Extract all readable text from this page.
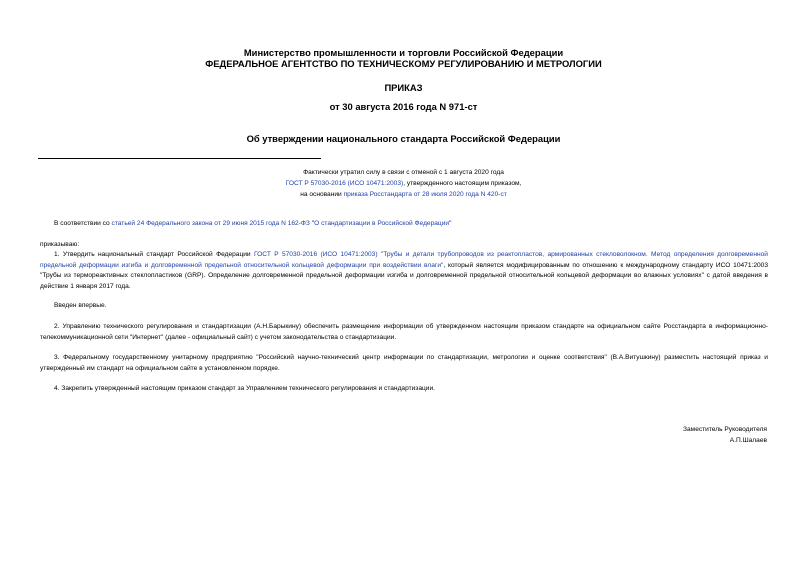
Министерство промышленности и торговли Российской Федерации
ФЕДЕРАЛЬНОЕ АГЕНТСТВО ПО ТЕХНИЧЕСКОМУ РЕГУЛИРОВАНИЮ И МЕТРОЛОГИИ
ПРИКАЗ
от 30 августа 2016 года N 971-ст
Об утверждении национального стандарта Российской Федерации
Фактически утратил силу в связи с отменой с 1 августа 2020 года
ГОСТ Р 57030-2016 (ИСО 10471:2003), утвержденного настоящим приказом,
на основании приказа Росстандарта от 28 июля 2020 года N 420-ст
В соответствии со статьей 24 Федерального закона от 29 июня 2015 года N 162-ФЗ "О стандартизации в Российской Федерации"
приказываю:
1. Утвердить национальный стандарт Российской Федерации ГОСТ Р 57030-2016 (ИСО 10471:2003) "Трубы и детали трубопроводов из реактопластов, армированных стекловолокном. Метод определения долговременной предельной деформации изгиба и долговременной предельной относительной кольцевой деформации при воздействии влаги", который является модифицированным по отношению к международному стандарту ИСО 10471:2003 "Трубы из термореактивных стеклопластиков (GRP). Определение долговременной предельной деформации изгиба и долговременной предельной относительной кольцевой деформации во влажных условиях" с датой введения в действие 1 января 2017 года.
Введен впервые.
2. Управлению технического регулирования и стандартизации (А.Н.Барыкину) обеспечить размещение информации об утвержденном настоящим приказом стандарте на официальном сайте Росстандарта в информационно-телекоммуникационной сети "Интернет" (далее - официальный сайт) с учетом законодательства о стандартизации.
3. Федеральному государственному унитарному предприятию "Российский научно-технический центр информации по стандартизации, метрологии и оценке соответствия" (В.А.Витушкину) разместить настоящий приказ и утвержденный им стандарт на официальном сайте в установленном порядке.
4. Закрепить утвержденный настоящим приказом стандарт за Управлением технического регулирования и стандартизации.
Заместитель Руководителя
А.П.Шалаев
